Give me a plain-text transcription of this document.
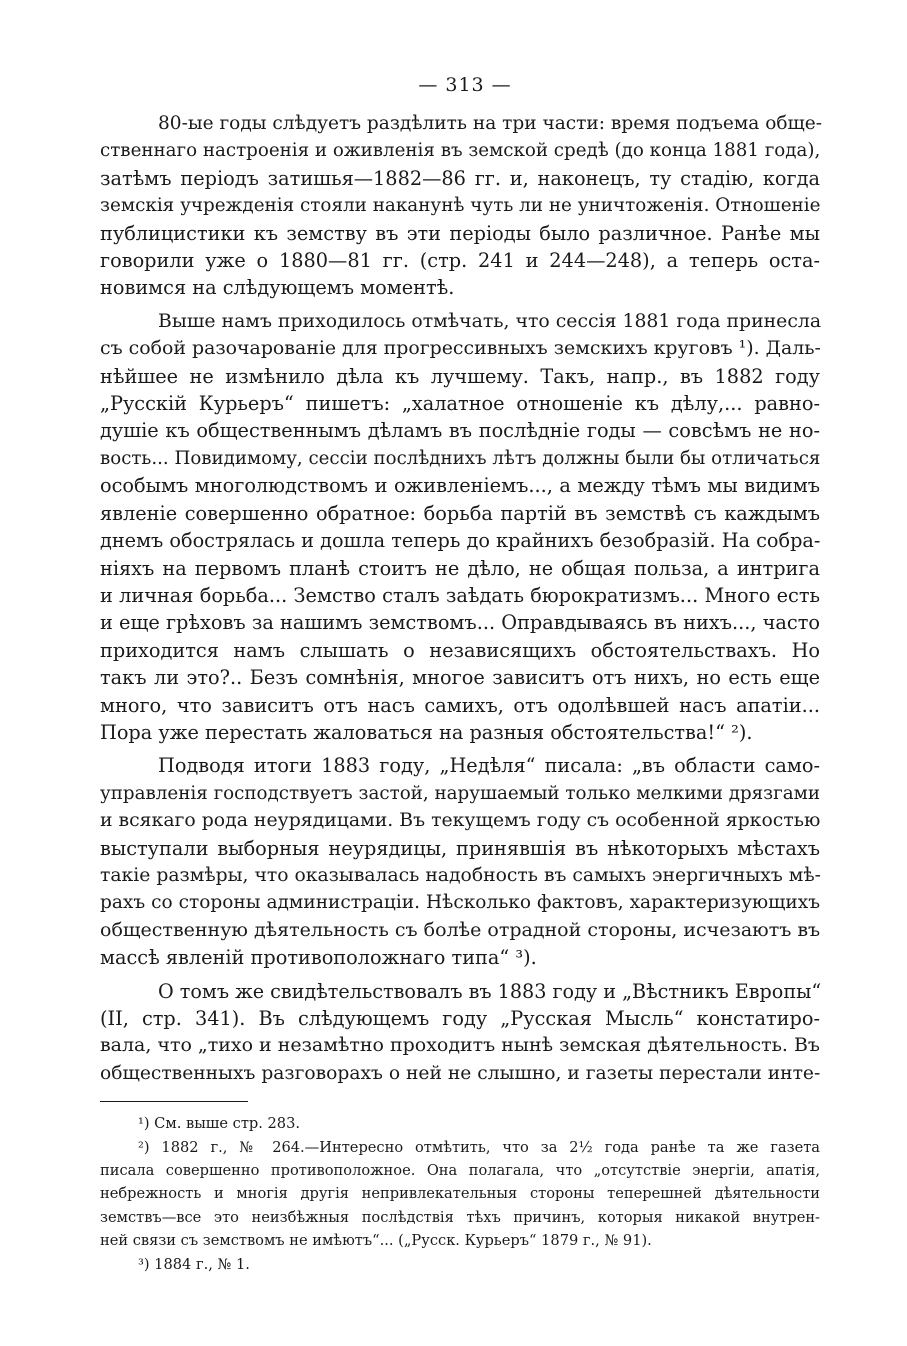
— 313 —
80-ые годы слѣдуетъ раздѣлить на три части: время подъема обще-
ственнаго настроенія и оживленія въ земской средѣ (до конца 1881 года),
затѣмъ періодъ затишья—1882—86 гг. и, наконецъ, ту стадію, когда
земскія учрежденія стояли наканунѣ чуть ли не уничтоженія. Отношеніе
публицистики къ земству въ эти періоды было различное. Ранѣе мы
говорили уже о 1880—81 гг. (стр. 241 и 244—248), а теперь оста-
новимся на слѣдующемъ моментѣ.
Выше намъ приходилось отмѣчать, что сессія 1881 года принесла
съ собой разочарованіе для прогрессивныхъ земскихъ круговъ ¹). Даль-
нѣйшее не измѣнило дѣла къ лучшему. Такъ, напр., въ 1882 году
„Русскій Курьеръ“ пишетъ: „халатное отношеніе къ дѣлу,... равно-
душіе къ общественнымъ дѣламъ въ послѣдніе годы — совсѣмъ не но-
вость... Повидимому, сессіи послѣднихъ лѣтъ должны были бы отличаться
особымъ многолюдствомъ и оживленіемъ..., а между тѣмъ мы видимъ
явленіе совершенно обратное: борьба партій въ земствѣ съ каждымъ
днемъ обострялась и дошла теперь до крайнихъ безобразій. На собра-
ніяхъ на первомъ планѣ стоитъ не дѣло, не общая польза, а интрига
и личная борьба... Земство сталъ заѣдать бюрократизмъ... Много есть
и еще грѣховъ за нашимъ земствомъ... Оправдываясь въ нихъ..., часто
приходится намъ слышать о независящихъ обстоятельствахъ. Но
такъ ли это?.. Безъ сомнѣнія, многое зависитъ отъ нихъ, но есть еще
много, что зависитъ отъ насъ самихъ, отъ одолѣвшей насъ апатіи...
Пора уже перестать жаловаться на разныя обстоятельства!“ ²).
Подводя итоги 1883 году, „Недѣля“ писала: „въ области само-
управленія господствуетъ застой, нарушаемый только мелкими дрязгами
и всякаго рода неурядицами. Въ текущемъ году съ особенной яркостью
выступали выборныя неурядицы, принявшія въ нѣкоторыхъ мѣстахъ
такіе размѣры, что оказывалась надобность въ самыхъ энергичныхъ мѣ-
рахъ со стороны администраціи. Нѣсколько фактовъ, характеризующихъ
общественную дѣятельность съ болѣе отрадной стороны, исчезаютъ въ
массѣ явленій противоположнаго типа“ ³).
О томъ же свидѣтельствовалъ въ 1883 году и „Вѣстникъ Европы“
(II, стр. 341). Въ слѣдующемъ году „Русская Мысль“ констатиро-
вала, что „тихо и незамѣтно проходитъ нынѣ земская дѣятельность. Въ
общественныхъ разговорахъ о ней не слышно, и газеты перестали инте-
¹) См. выше стр. 283.
²) 1882 г., № 264.—Интересно отмѣтить, что за 2½ года ранѣе та же газета
писала совершенно противоположное. Она полагала, что „отсутствіе энергіи, апатія,
небрежность и многія другія непривлекательныя стороны теперешней дѣятельности
земствъ—все это неизбѣжныя послѣдствія тѣхъ причинъ, которыя никакой внутрен-
ней связи съ земствомъ не имѣютъ“... („Русск. Курьеръ“ 1879 г., № 91).
³) 1884 г., № 1.
